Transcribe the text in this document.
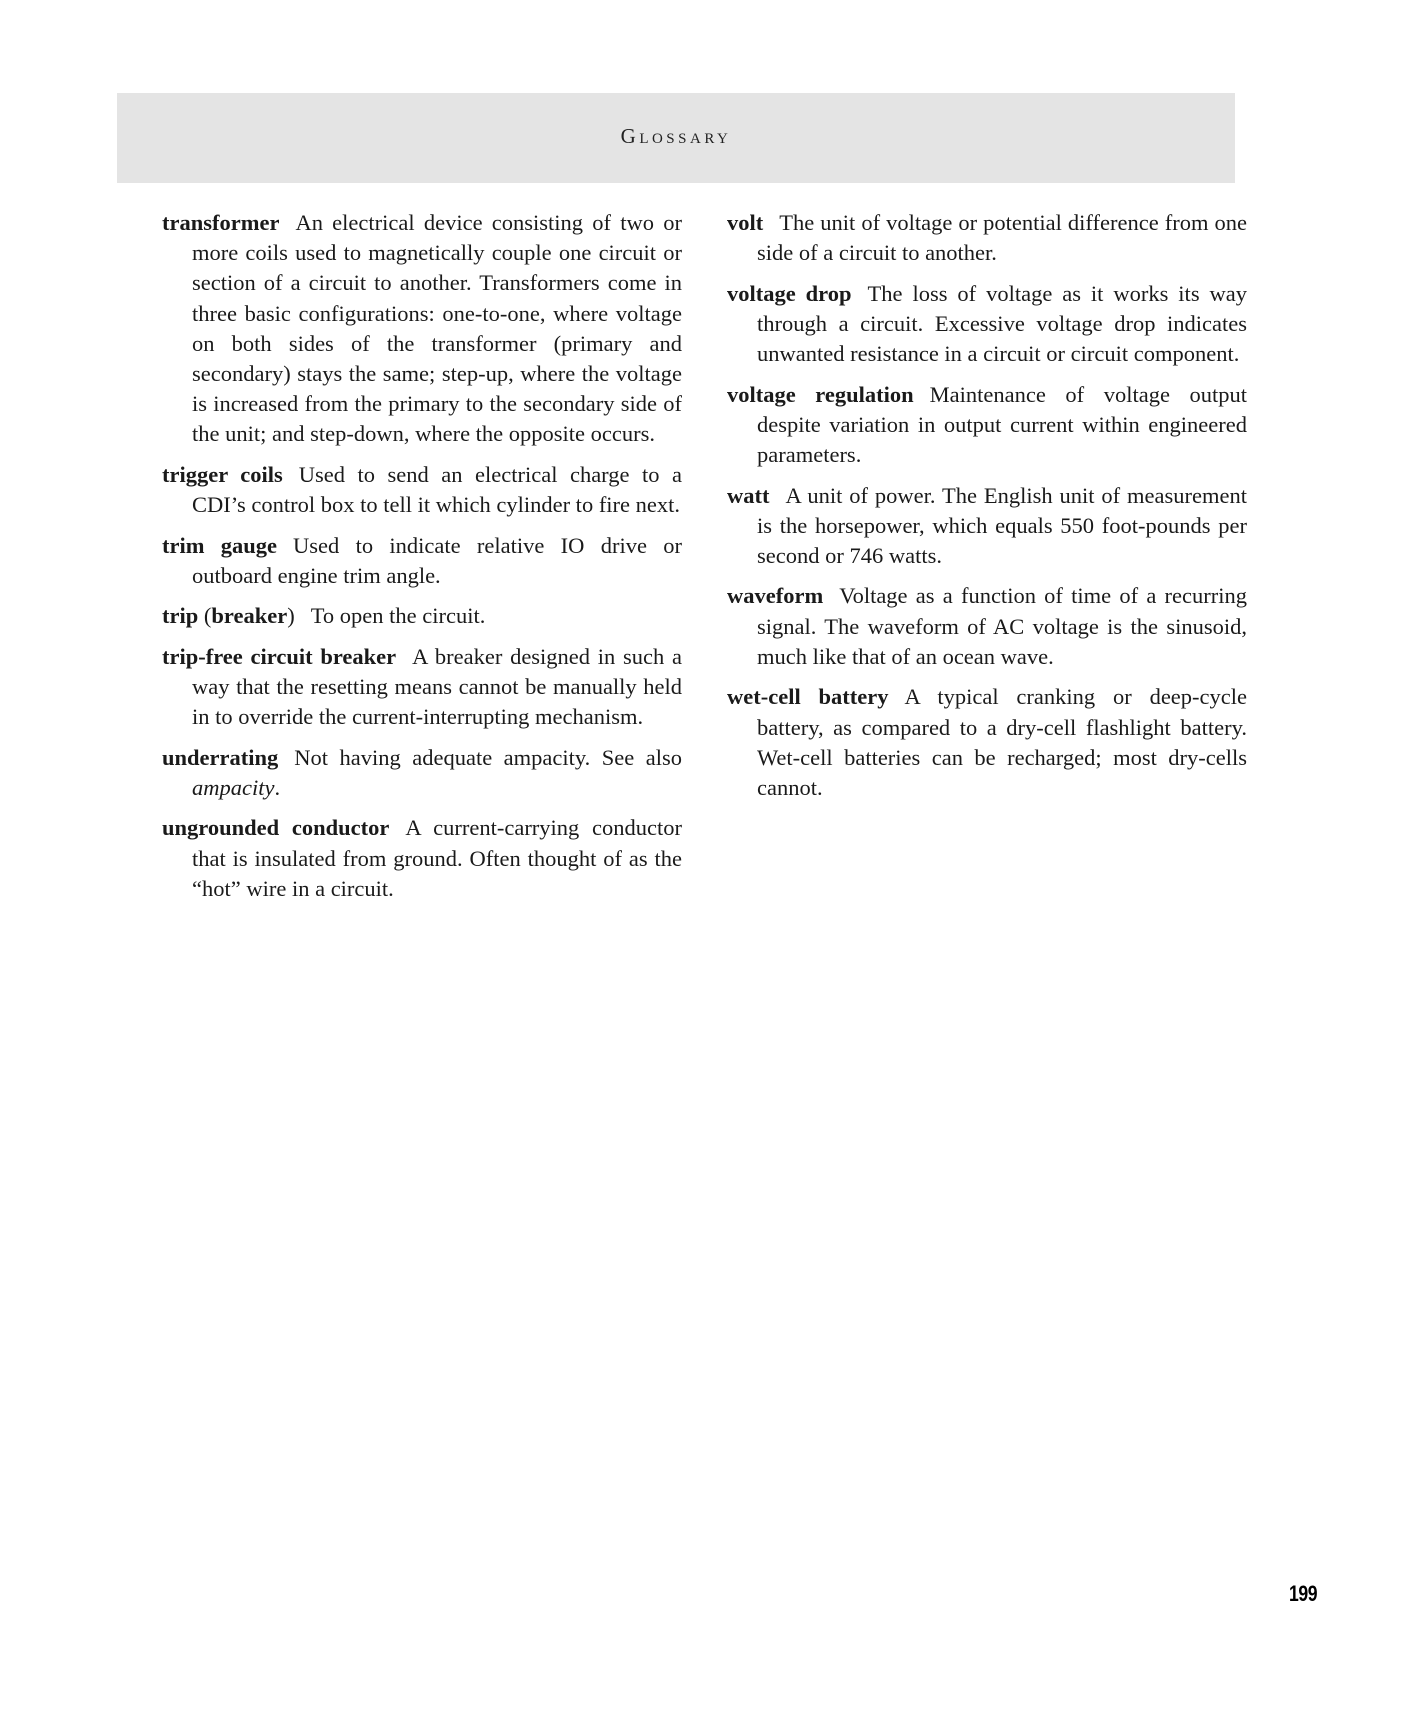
GLOSSARY

transformer An electrical device consisting of two or more coils used to magnetically couple one circuit or section of a circuit to another. Transformers come in three basic configurations: one-to-one, where voltage on both sides of the transformer (primary and secondary) stays the same; step-up, where the voltage is increased from the primary to the secondary side of the unit; and step-down, where the opposite occurs.

trigger coils Used to send an electrical charge to a CDI’s control box to tell it which cylinder to fire next.

trim gauge Used to indicate relative IO drive or outboard engine trim angle.

trip (breaker) To open the circuit.

trip-free circuit breaker A breaker designed in such a way that the resetting means cannot be manually held in to override the current-interrupting mechanism.

underrating Not having adequate ampacity. See also ampacity.

ungrounded conductor A current-carrying conductor that is insulated from ground. Often thought of as the “hot” wire in a circuit.

volt The unit of voltage or potential difference from one side of a circuit to another.

voltage drop The loss of voltage as it works its way through a circuit. Excessive voltage drop indicates unwanted resistance in a circuit or circuit component.

voltage regulation Maintenance of voltage output despite variation in output current within engineered parameters.

watt A unit of power. The English unit of measurement is the horsepower, which equals 550 foot-pounds per second or 746 watts.

waveform Voltage as a function of time of a recurring signal. The waveform of AC voltage is the sinusoid, much like that of an ocean wave.

wet-cell battery A typical cranking or deep-cycle battery, as compared to a dry-cell flashlight battery. Wet-cell batteries can be recharged; most dry-cells cannot.

199
